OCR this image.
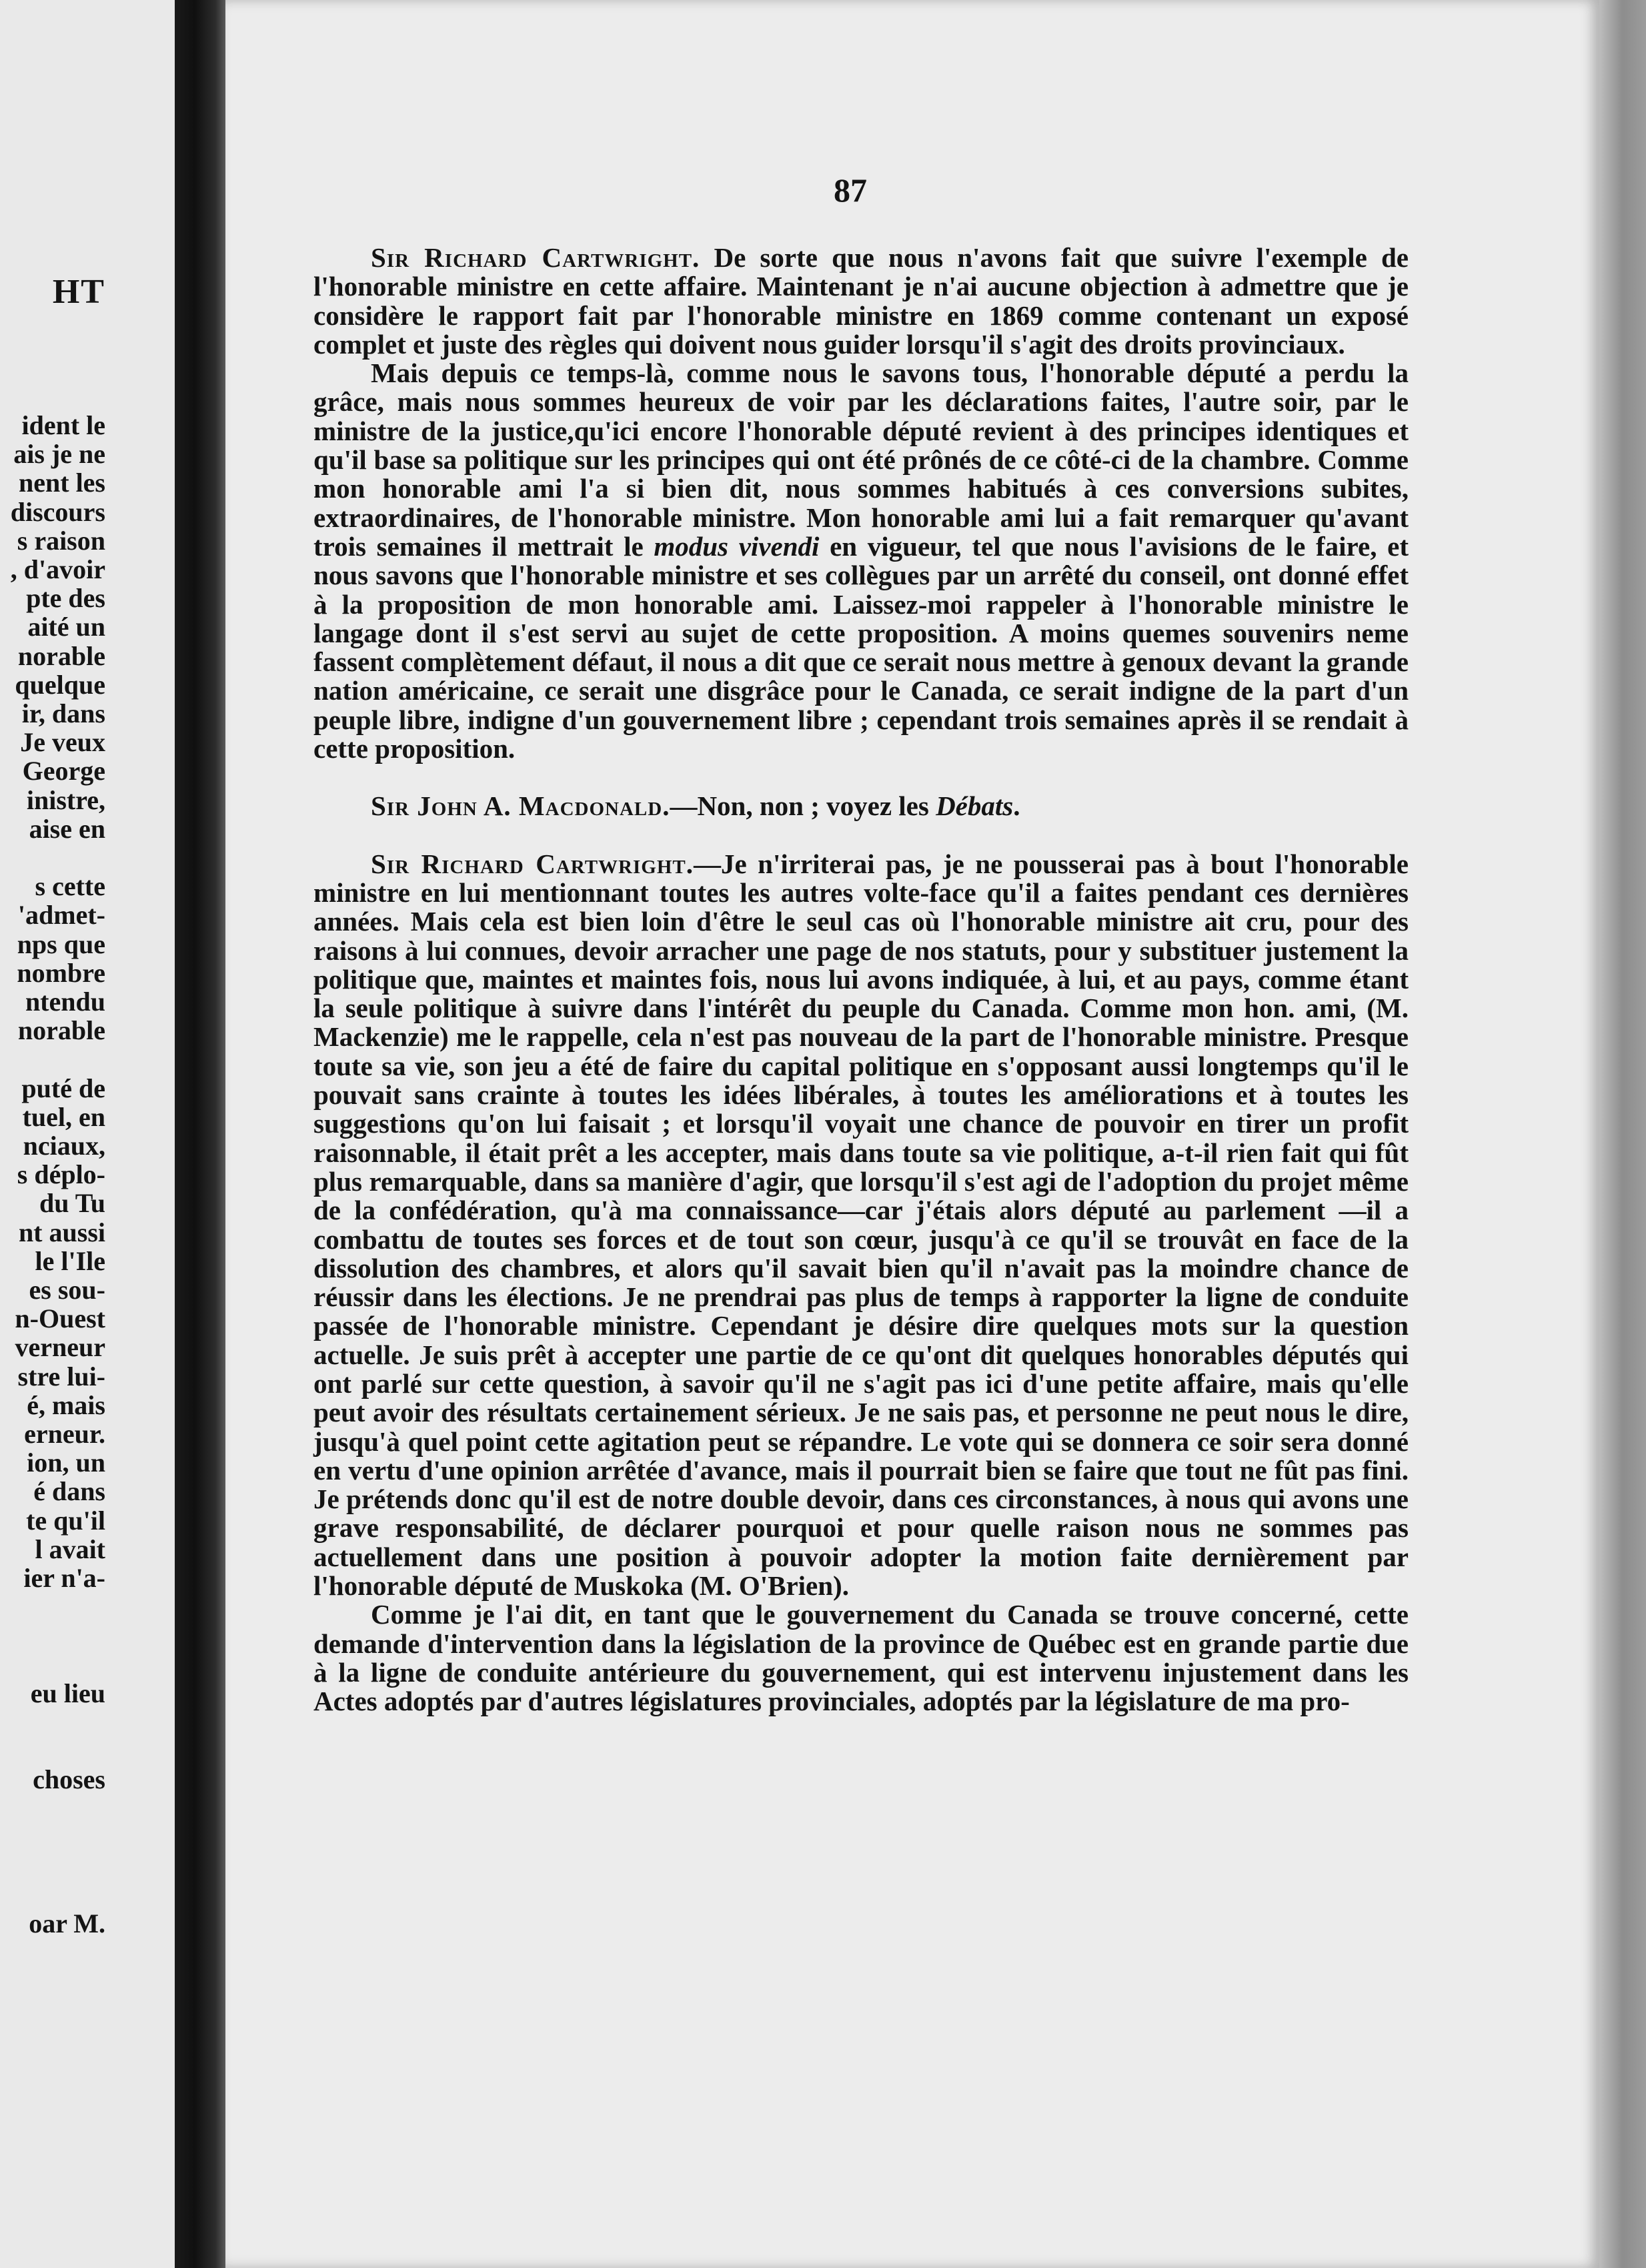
HT
ident le
ais je ne
nent les
discours
s raison
, d'avoir
pte des
aité un
norable
quelque
ir, dans
Je veux
George
inistre,
aise en
s cette
'admet-
nps que
nombre
ntendu
norable
puté de
tuel, en
nciaux,
s déplo-
du Tu
nt aussi
le l'Ile
es sou-
n-Ouest
verneur
stre lui-
é, mais
erneur.
ion, un
é dans
te qu'il
l avait
ier n'a-
eu lieu
choses
oar M.
87

Sir Richard Cartwright. De sorte que nous n'avons fait que suivre l'exemple de l'honorable ministre en cette affaire. Maintenant je n'ai aucune objection à admettre que je considère le rapport fait par l'honorable ministre en 1869 comme contenant un exposé complet et juste des règles qui doivent nous guider lorsqu'il s'agit des droits provinciaux.

Mais depuis ce temps-là, comme nous le savons tous, l'honorable député a perdu la grâce, mais nous sommes heureux de voir par les déclarations faites, l'autre soir, par le ministre de la justice,qu'ici encore l'honorable député revient à des principes identiques et qu'il base sa politique sur les principes qui ont été prônés de ce côté-ci de la chambre. Comme mon honorable ami l'a si bien dit, nous sommes habitués à ces conversions subites, extraordinaires, de l'honorable ministre. Mon honorable ami lui a fait remarquer qu'avant trois semaines il mettrait le modus vivendi en vigueur, tel que nous l'avisions de le faire, et nous savons que l'honorable ministre et ses collègues par un arrêté du conseil, ont donné effet à la proposition de mon honorable ami. Laissez-moi rappeler à l'honorable ministre le langage dont il s'est servi au sujet de cette proposition. A moins quemes souvenirs neme fassent complètement défaut, il nous a dit que ce serait nous mettre à genoux devant la grande nation américaine, ce serait une disgrâce pour le Canada, ce serait indigne de la part d'un peuple libre, indigne d'un gouvernement libre ; cependant trois semaines après il se rendait à cette proposition.

Sir John A. Macdonald.—Non, non ; voyez les Débats.

Sir Richard Cartwright.—Je n'irriterai pas, je ne pousserai pas à bout l'honorable ministre en lui mentionnant toutes les autres volte-face qu'il a faites pendant ces dernières années. Mais cela est bien loin d'être le seul cas où l'honorable ministre ait cru, pour des raisons à lui connues, devoir arracher une page de nos statuts, pour y substituer justement la politique que, maintes et maintes fois, nous lui avons indiquée, à lui, et au pays, comme étant la seule politique à suivre dans l'intérêt du peuple du Canada. Comme mon hon. ami, (M. Mackenzie) me le rappelle, cela n'est pas nouveau de la part de l'honorable ministre. Presque toute sa vie, son jeu a été de faire du capital politique en s'opposant aussi longtemps qu'il le pouvait sans crainte à toutes les idées libérales, à toutes les améliorations et à toutes les suggestions qu'on lui faisait ; et lorsqu'il voyait une chance de pouvoir en tirer un profit raisonnable, il était prêt a les accepter, mais dans toute sa vie politique, a-t-il rien fait qui fût plus remarquable, dans sa manière d'agir, que lorsqu'il s'est agi de l'adoption du projet même de la confédération, qu'à ma connaissance—car j'étais alors député au parlement —il a combattu de toutes ses forces et de tout son cœur, jusqu'à ce qu'il se trouvât en face de la dissolution des chambres, et alors qu'il savait bien qu'il n'avait pas la moindre chance de réussir dans les élections. Je ne prendrai pas plus de temps à rapporter la ligne de conduite passée de l'honorable ministre. Cependant je désire dire quelques mots sur la question actuelle. Je suis prêt à accepter une partie de ce qu'ont dit quelques honorables députés qui ont parlé sur cette question, à savoir qu'il ne s'agit pas ici d'une petite affaire, mais qu'elle peut avoir des résultats certainement sérieux. Je ne sais pas, et personne ne peut nous le dire, jusqu'à quel point cette agitation peut se répandre. Le vote qui se donnera ce soir sera donné en vertu d'une opinion arrêtée d'avance, mais il pourrait bien se faire que tout ne fût pas fini. Je prétends donc qu'il est de notre double devoir, dans ces circonstances, à nous qui avons une grave responsabilité, de déclarer pourquoi et pour quelle raison nous ne sommes pas actuellement dans une position à pouvoir adopter la motion faite dernièrement par l'honorable député de Muskoka (M. O'Brien).

Comme je l'ai dit, en tant que le gouvernement du Canada se trouve concerné, cette demande d'intervention dans la législation de la province de Québec est en grande partie due à la ligne de conduite antérieure du gouvernement, qui est intervenu injustement dans les Actes adoptés par d'autres législatures provinciales, adoptés par la législature de ma pro-
